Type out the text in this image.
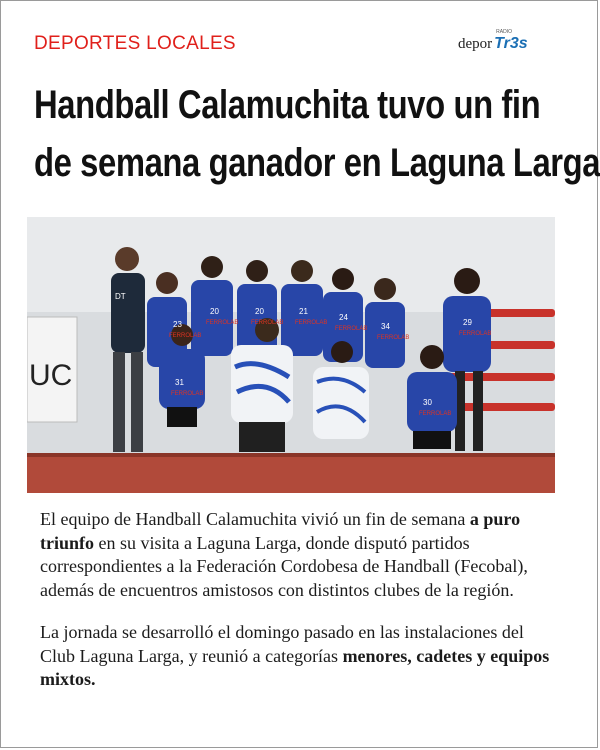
DEPORTES LOCALES	depor
RADIO
Tr3s
Handball Calamuchita tuvo un fin
de semana ganador en Laguna Larga
UC
DT
23
20	20	21
24
34	29
31
30
FERROLAB
FERROLAB FERROLAB FERROLAB
FERROLAB
FERROLAB
FERROLAB
FERROLAB
FERROLAB

El equipo de Handball Calamuchita vivió un fin de semana a puro triunfo en su visita a Laguna Larga, donde disputó partidos correspondientes a la Federación Cordobesa de Handball (Fecobal), además de encuentros amistosos con distintos clubes de la región.

La jornada se desarrolló el domingo pasado en las instalaciones del Club Laguna Larga, y reunió a categorías menores, cadetes y equipos mixtos.
